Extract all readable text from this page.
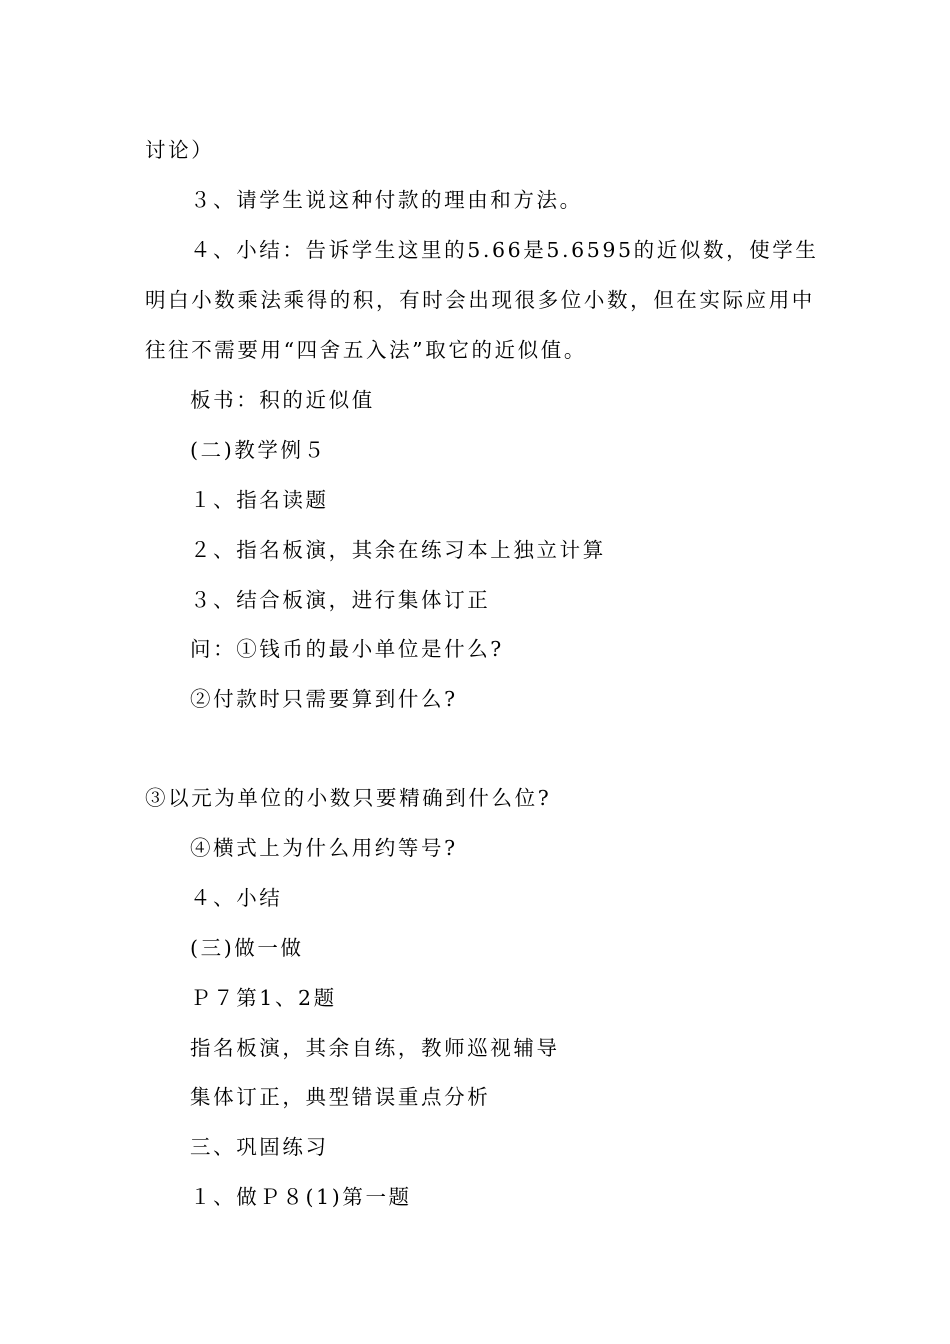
讨论）
３、请学生说这种付款的理由和方法。
４、小结：告诉学生这里的5.66是5.6595的近似数，使学生
明白小数乘法乘得的积，有时会出现很多位小数，但在实际应用中
往往不需要用“四舍五入法”取它的近似值。
板书：积的近似值
(二)教学例５
１、指名读题
２、指名板演，其余在练习本上独立计算
３、结合板演，进行集体订正
问：①钱币的最小单位是什么?
②付款时只需要算到什么?
③以元为单位的小数只要精确到什么位?
④横式上为什么用约等号?
４、小结
(三)做一做
Ｐ７第1、2题
指名板演，其余自练，教师巡视辅导
集体订正，典型错误重点分析
三、巩固练习
１、做Ｐ８(1)第一题
